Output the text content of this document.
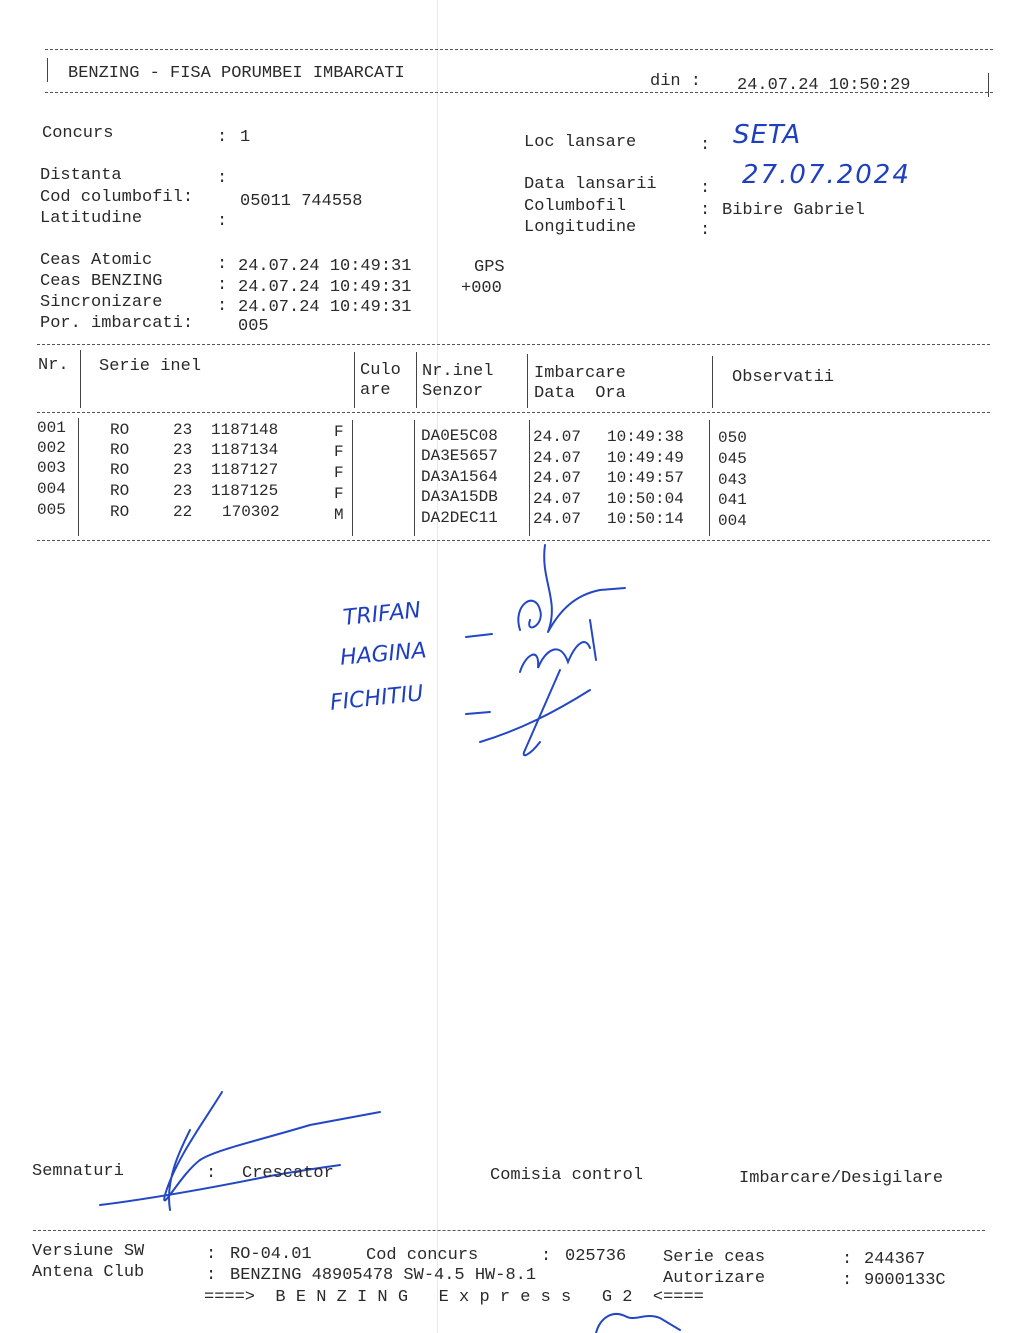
BENZING - FISA PORUMBEI IMBARCATI	din : 24.07.24 10:50:29
Concurs	: 1
Distanta	:
Cod columbofil:	05011 744558
Latitudine	:
Loc lansare	: SETA
Data lansarii	: 27.07.2024
Columbofil	: Bibire Gabriel
Longitudine	:
Ceas Atomic	: 24.07.24 10:49:31	GPS
Ceas BENZING	: 24.07.24 10:49:31	+000
Sincronizare	: 24.07.24 10:49:31
Por. imbarcati:	005
Nr. Serie inel	Culo
are
Nr.inel
Senzor
Imbarcare
Data  Ora
Observatii
001	RO	23 1187148	F	DA0E5C08 24.07 10:49:38 050
002	RO	23 1187134	F	DA3E5657 24.07 10:49:49 045
003	RO	23 1187127	F	DA3A1564 24.07 10:49:57 043
004	RO	23 1187125	F	DA3A15DB 24.07 10:50:04 041
005	RO	22 170302	M	DA2DEC11 24.07 10:50:14 004
TRIFAN
HAGINA
FICHITIU
Semnaturi	: Crescator	Comisia control	Imbarcare/Desigilare
Versiune SW	: RO-04.01	Cod concurs	: 025736 Serie ceas	: 244367
Antena Club	: BENZING 48905478 SW-4.5 HW-8.1	Autorizare	: 9000133C
====>  B E N Z I N G   E x p r e s s   G 2  <====
